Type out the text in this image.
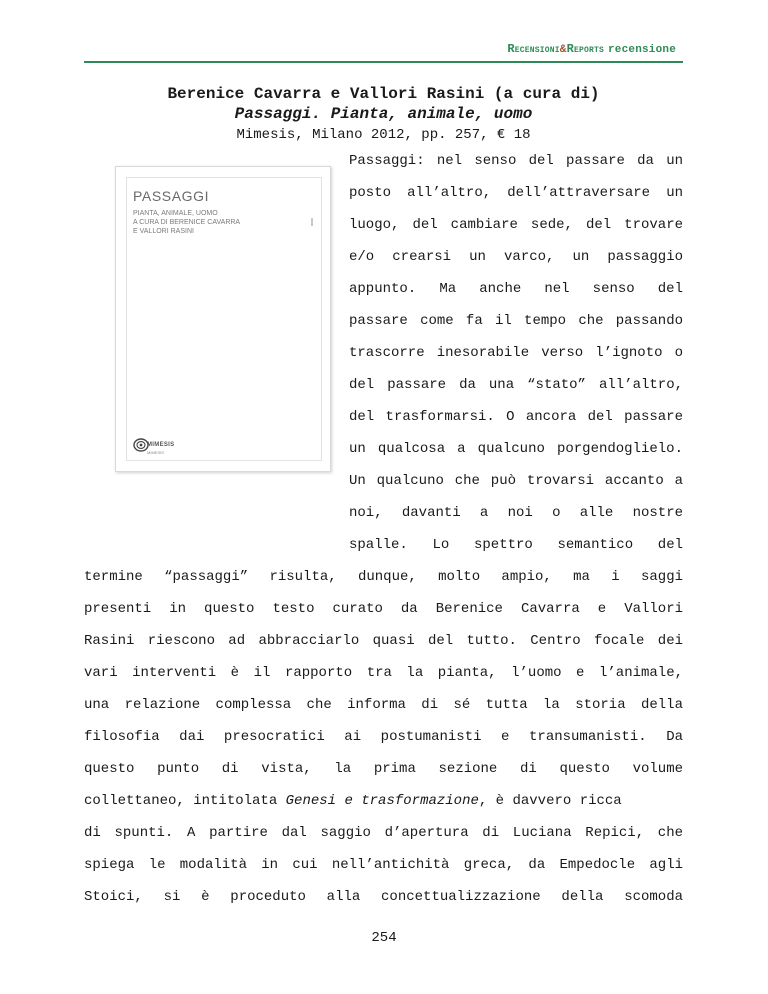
Recensioni&Reports recensione
Berenice Cavarra e Vallori Rasini (a cura di)
Passaggi. Pianta, animale, uomo
Mimesis, Milano 2012, pp. 257, € 18
PASSAGGI
PIANTA, ANIMALE, UOMO
A CURA DI BERENICE CAVARRA
E VALLORI RASINI
MIMESIS
MIMESIS
Passaggi: nel senso del passare da un
posto all’altro, dell’attraversare un
luogo, del cambiare sede, del trovare
e/o crearsi un varco, un passaggio
appunto. Ma anche nel senso del
passare come fa il tempo che passando
trascorre inesorabile verso l’ignoto o
del passare da una “stato” all’altro,
del trasformarsi. O ancora del passare
un qualcosa a qualcuno porgendoglielo.
Un qualcuno che può trovarsi accanto a
noi, davanti a noi o alle nostre
spalle. Lo spettro semantico del
termine “passaggi” risulta, dunque, molto ampio, ma i saggi
presenti in questo testo curato da Berenice Cavarra e Vallori
Rasini riescono ad abbracciarlo quasi del tutto. Centro focale dei
vari interventi è il rapporto tra la pianta, l’uomo e l’animale,
una relazione complessa che informa di sé tutta la storia della
filosofia dai presocratici ai postumanisti e transumanisti. Da
questo punto di vista, la prima sezione di questo volume
collettaneo, intitolata Genesi e trasformazione, è davvero ricca
di spunti. A partire dal saggio d’apertura di Luciana Repici, che
spiega le modalità in cui nell’antichità greca, da Empedocle agli
Stoici, si è proceduto alla concettualizzazione della scomoda
254
